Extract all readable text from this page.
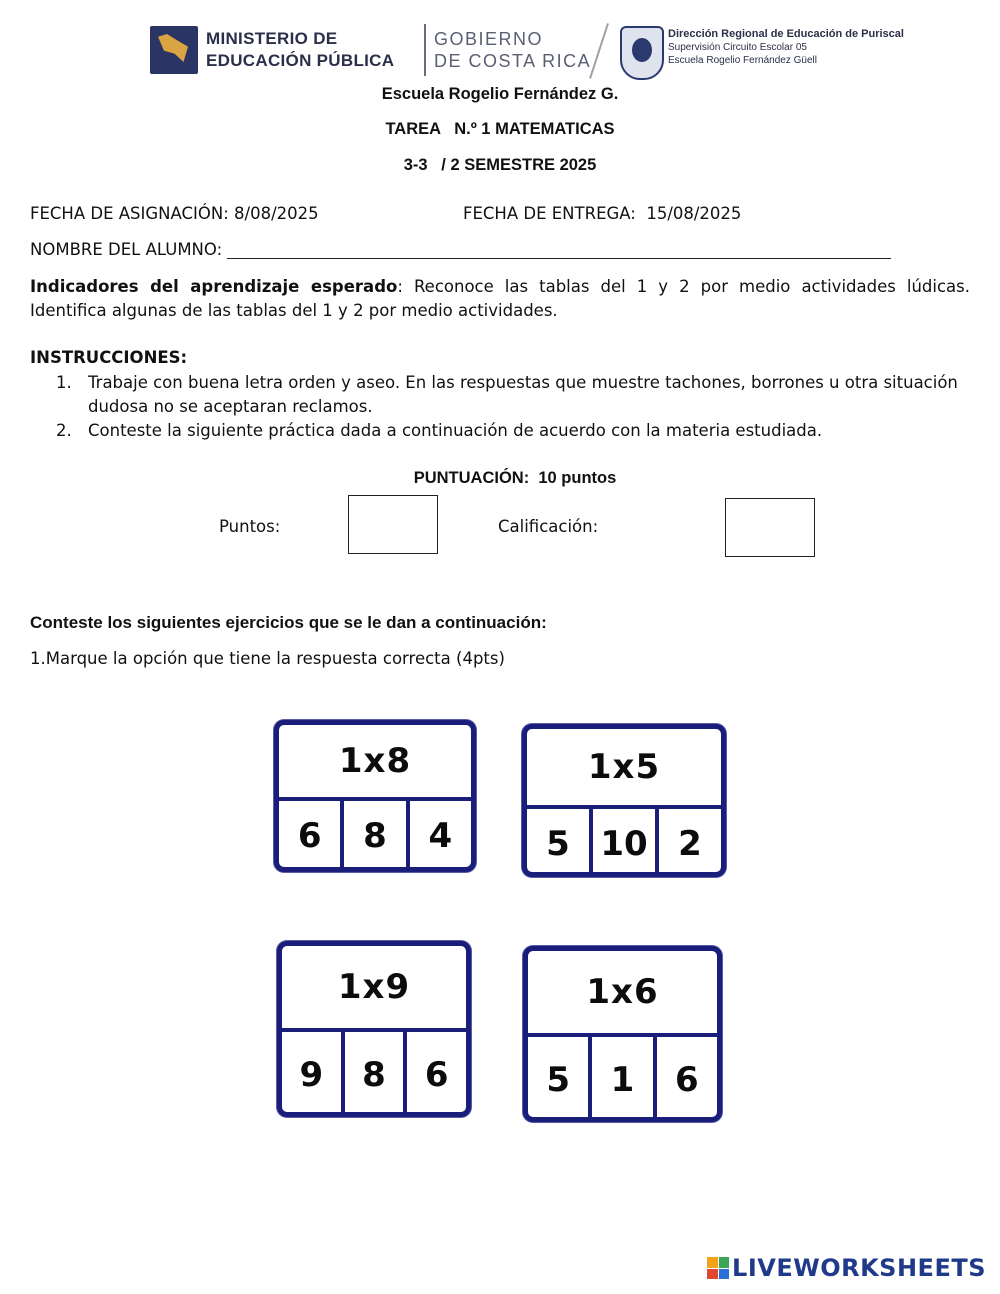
MINISTERIO DE
EDUCACIÓN PÚBLICA
GOBIERNO
DE COSTA RICA
Dirección Regional de Educación de Puriscal
Supervisión Circuito Escolar 05
Escuela Rogelio Fernández Güell
Escuela Rogelio Fernández G.
TAREA   N.º 1 MATEMATICAS
3-3   / 2 SEMESTRE 2025
FECHA DE ASIGNACIÓN: 8/08/2025	FECHA DE ENTREGA:  15/08/2025
NOMBRE DEL ALUMNO:
Indicadores del aprendizaje esperado: Reconoce las tablas del 1 y 2 por medio actividades lúdicas. Identifica algunas de las tablas del 1 y 2 por medio actividades.
INSTRUCCIONES:
1. Trabaje con buena letra orden y aseo. En las respuestas que muestre tachones, borrones u otra situación dudosa no se aceptaran reclamos.
2. Conteste la siguiente práctica dada a continuación de acuerdo con la materia estudiada.
PUNTUACIÓN:  10 puntos
Puntos:	Calificación:
Conteste los siguientes ejercicios que se le dan a continuación:
1.Marque la opción que tiene la respuesta correcta (4pts)
1x8
6	8	4
1x5
5 10 2
1x9
9	8	6
1x6
5	1	6
LIVEWORKSHEETS
